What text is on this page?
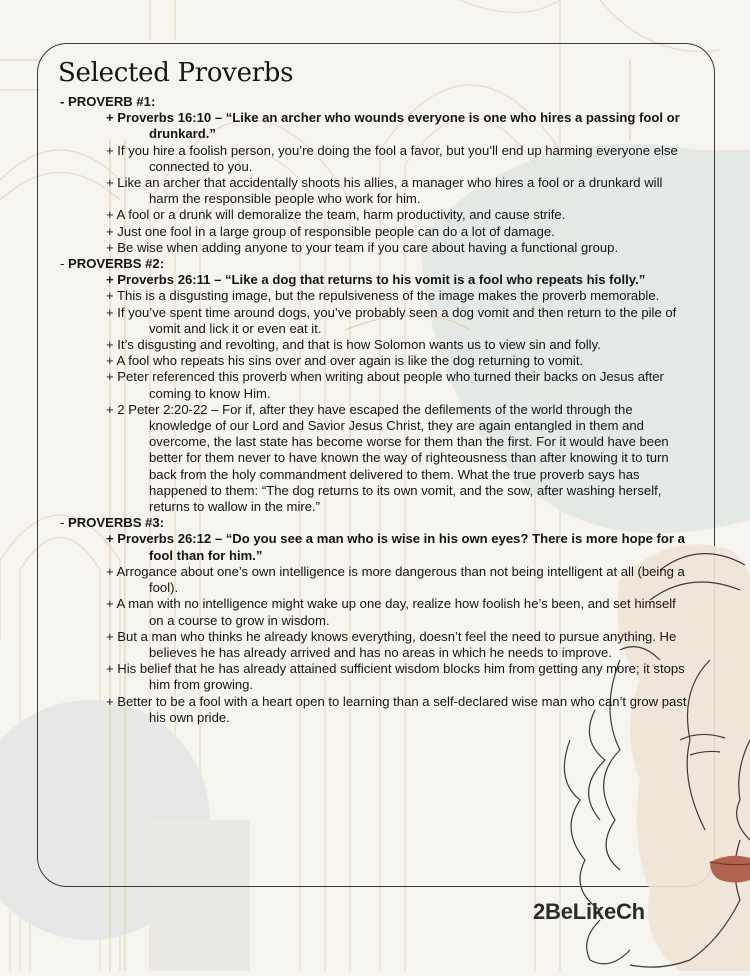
Selected Proverbs

- PROVERB #1:

+ Proverbs 16:10 – “Like an archer who wounds everyone is one who hires a passing fool or drunkard.”

+ If you hire a foolish person, you’re doing the fool a favor, but you’ll end up harming everyone else connected to you.

+ Like an archer that accidentally shoots his allies, a manager who hires a fool or a drunkard will harm the responsible people who work for him.

+ A fool or a drunk will demoralize the team, harm productivity, and cause strife.

+ Just one fool in a large group of responsible people can do a lot of damage.

+ Be wise when adding anyone to your team if you care about having a functional group.

- PROVERBS #2:

+ Proverbs 26:11 – “Like a dog that returns to his vomit is a fool who repeats his folly.”

+ This is a disgusting image, but the repulsiveness of the image makes the proverb memorable.

+ If you’ve spent time around dogs, you’ve probably seen a dog vomit and then return to the pile of vomit and lick it or even eat it.

+ It’s disgusting and revolting, and that is how Solomon wants us to view sin and folly.

+ A fool who repeats his sins over and over again is like the dog returning to vomit.

+ Peter referenced this proverb when writing about people who turned their backs on Jesus after coming to know Him.

+ 2 Peter 2:20-22 – For if, after they have escaped the defilements of the world through the knowledge of our Lord and Savior Jesus Christ, they are again entangled in them and overcome, the last state has become worse for them than the first. For it would have been better for them never to have known the way of righteousness than after knowing it to turn back from the holy commandment delivered to them. What the true proverb says has happened to them: “The dog returns to its own vomit, and the sow, after washing herself, returns to wallow in the mire.”

- PROVERBS #3:

+ Proverbs 26:12 – “Do you see a man who is wise in his own eyes? There is more hope for a fool than for him.”

+ Arrogance about one’s own intelligence is more dangerous than not being intelligent at all (being a fool).

+ A man with no intelligence might wake up one day, realize how foolish he’s been, and set himself on a course to grow in wisdom.

+ But a man who thinks he already knows everything, doesn’t feel the need to pursue anything. He believes he has already arrived and has no areas in which he needs to improve.

+ His belief that he has already attained sufficient wisdom blocks him from getting any more; it stops him from growing.

+ Better to be a fool with a heart open to learning than a self-declared wise man who can’t grow past his own pride.

2BeLikeCh
